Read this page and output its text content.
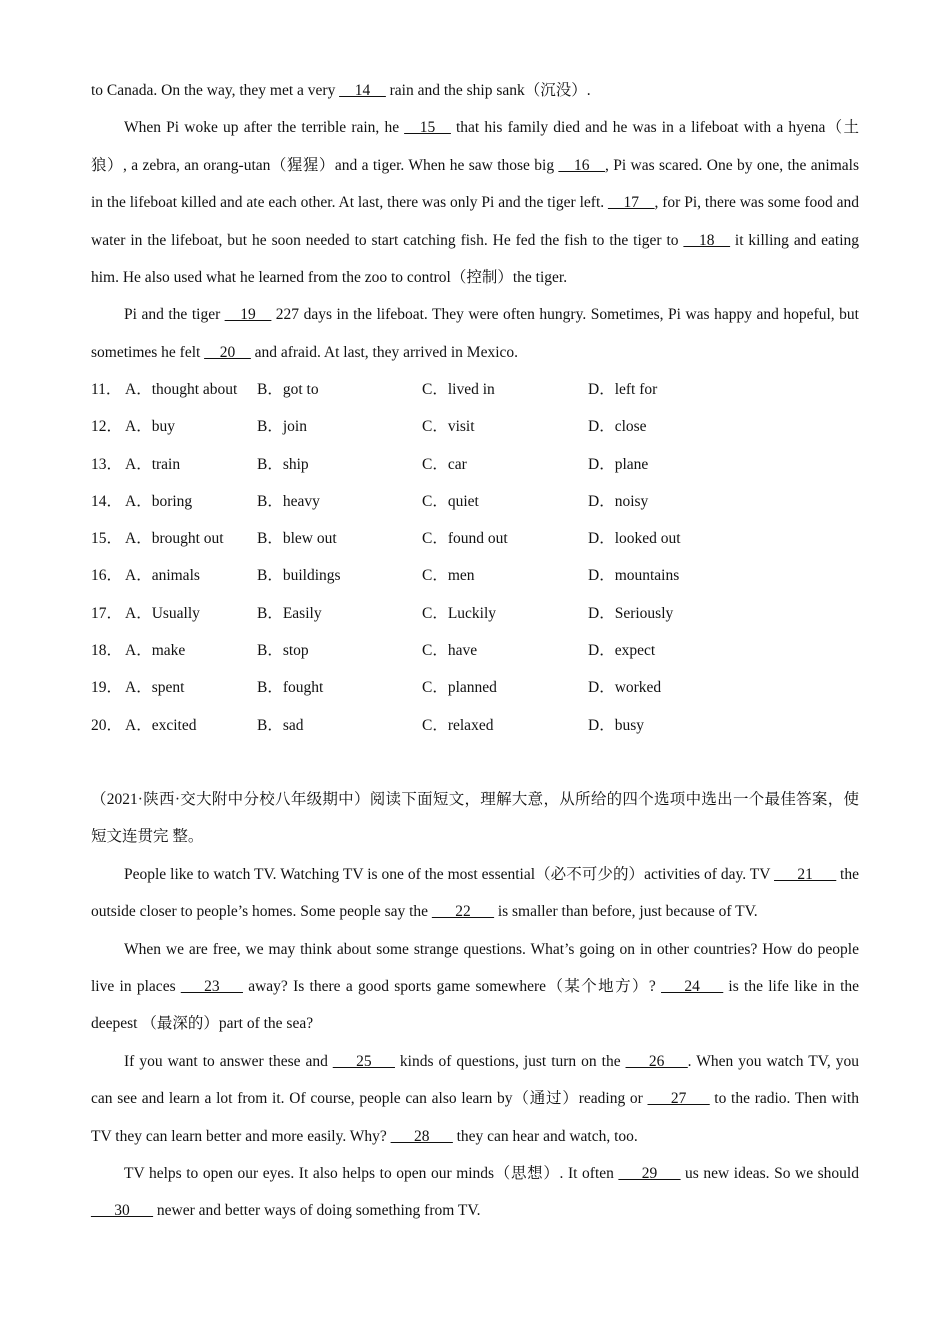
to Canada. On the way, they met a very __14__ rain and the ship sank（沉没）.

When Pi woke up after the terrible rain, he __15__ that his family died and he was in a lifeboat with a hyena（土狼）, a zebra, an orang-utan（猩猩）and a tiger. When he saw those big __16__, Pi was scared. One by one, the animals in the lifeboat killed and ate each other. At last, there was only Pi and the tiger left. __17__, for Pi, there was some food and water in the lifeboat, but he soon needed to start catching fish. He fed the fish to the tiger to __18__ it killing and eating him. He also used what he learned from the zoo to control（控制）the tiger.

Pi and the tiger __19__ 227 days in the lifeboat. They were often hungry. Sometimes, Pi was happy and hopeful, but sometimes he felt __20__ and afraid. At last, they arrived in Mexico.

11． A．thought about B．got to	C．lived in	D．left for
12． A．buy	B．join	C．visit	D．close
13． A．train	B．ship	C．car	D．plane
14． A．boring	B．heavy	C．quiet	D．noisy
15． A．brought out B．blew out	C．found out	D．looked out
16． A．animals	B．buildings	C．men	D．mountains
17． A．Usually	B．Easily	C．Luckily	D．Seriously
18． A．make	B．stop	C．have	D．expect
19． A．spent	B．fought	C．planned	D．worked
20． A．excited	B．sad	C．relaxed	D．busy

（2021·陕西·交大附中分校八年级期中）阅读下面短文，理解大意，从所给的四个选项中选出一个最佳答案，使短文连贯完 整。

People like to watch TV. Watching TV is one of the most essential（必不可少的）activities of day. TV ___21___ the outside closer to people’s homes. Some people say the ___22___ is smaller than before, just because of TV.

When we are free, we may think about some strange questions. What’s going on in other countries? How do people live in places ___23___ away? Is there a good sports game somewhere（某个地方）? ___24___ is the life like in the deepest （最深的）part of the sea?

If you want to answer these and ___25___ kinds of questions, just turn on the ___26___. When you watch TV, you can see and learn a lot from it. Of course, people can also learn by（通过）reading or ___27___ to the radio. Then with TV they can learn better and more easily. Why? ___28___ they can hear and watch, too.

TV helps to open our eyes. It also helps to open our minds（思想）. It often ___29___ us new ideas. So we should ___30___ newer and better ways of doing something from TV.
